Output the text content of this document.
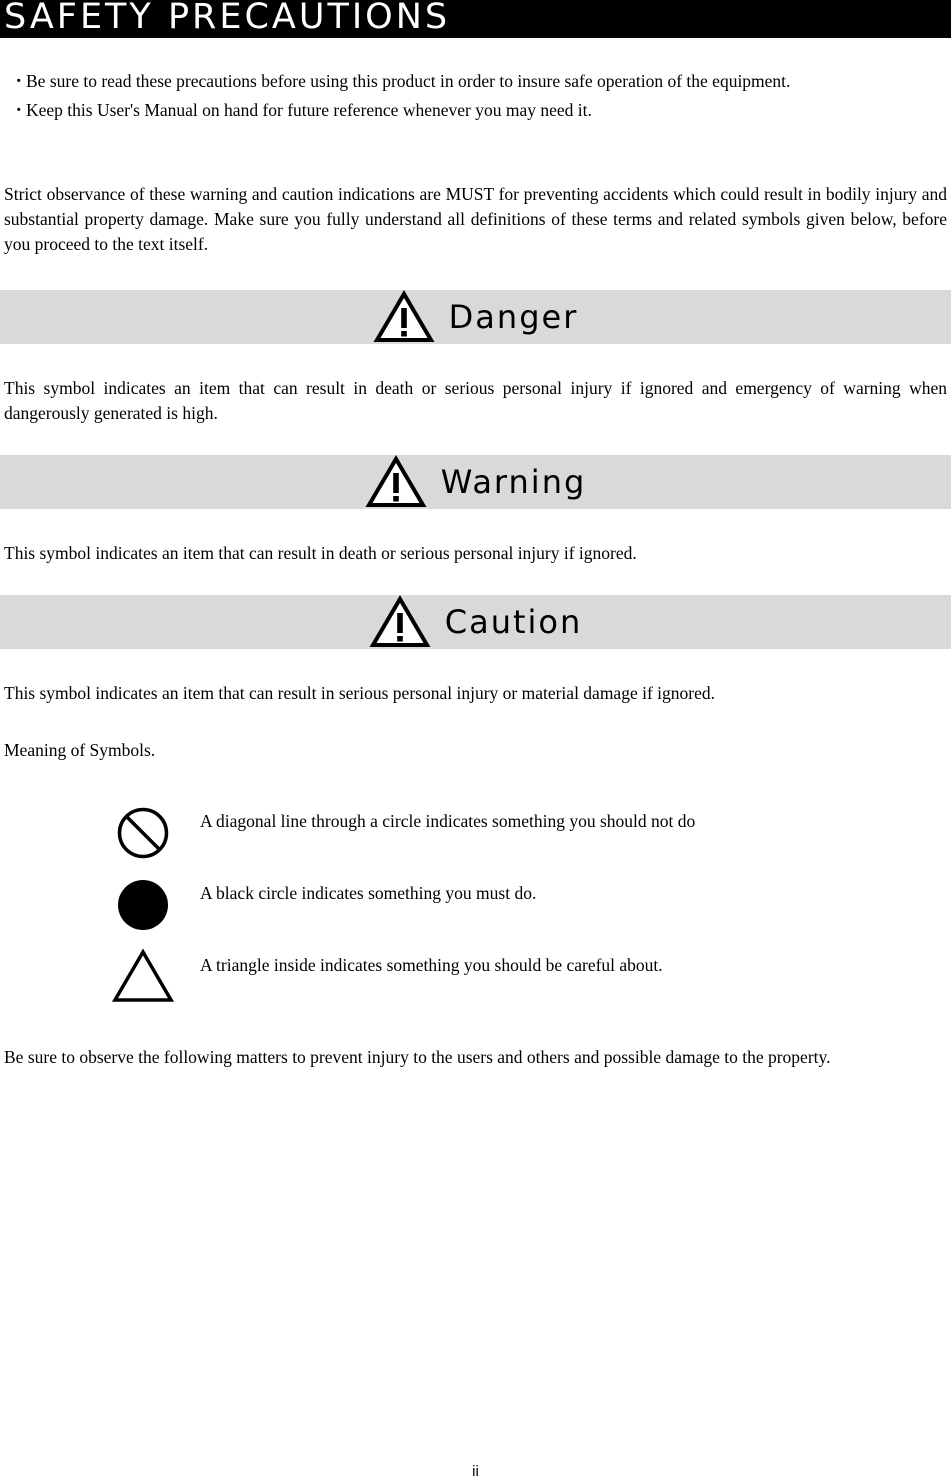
SAFETY PRECAUTIONS
・
Be sure to read these precautions before using this product in order to insure safe operation of the equipment.
・
Keep this User's Manual on hand for future reference whenever you may need it.

Strict observance of these warning and caution indications are MUST for preventing accidents which could result in bodily injury and substantial property damage. Make sure you fully understand all definitions of these terms and related symbols given below, before you proceed to the text itself.

Danger

This symbol indicates an item that can result in death or serious personal injury if ignored and emergency of warning when dangerously generated is high.

Warning

This symbol indicates an item that can result in death or serious personal injury if ignored.

Caution

This symbol indicates an item that can result in serious personal injury or material damage if ignored.

Meaning of Symbols.

A diagonal line through a circle indicates something you should not do
A black circle indicates something you must do.
A triangle inside indicates something you should be careful about.

Be sure to observe the following matters to prevent injury to the users and others and possible damage to the property.

ii
